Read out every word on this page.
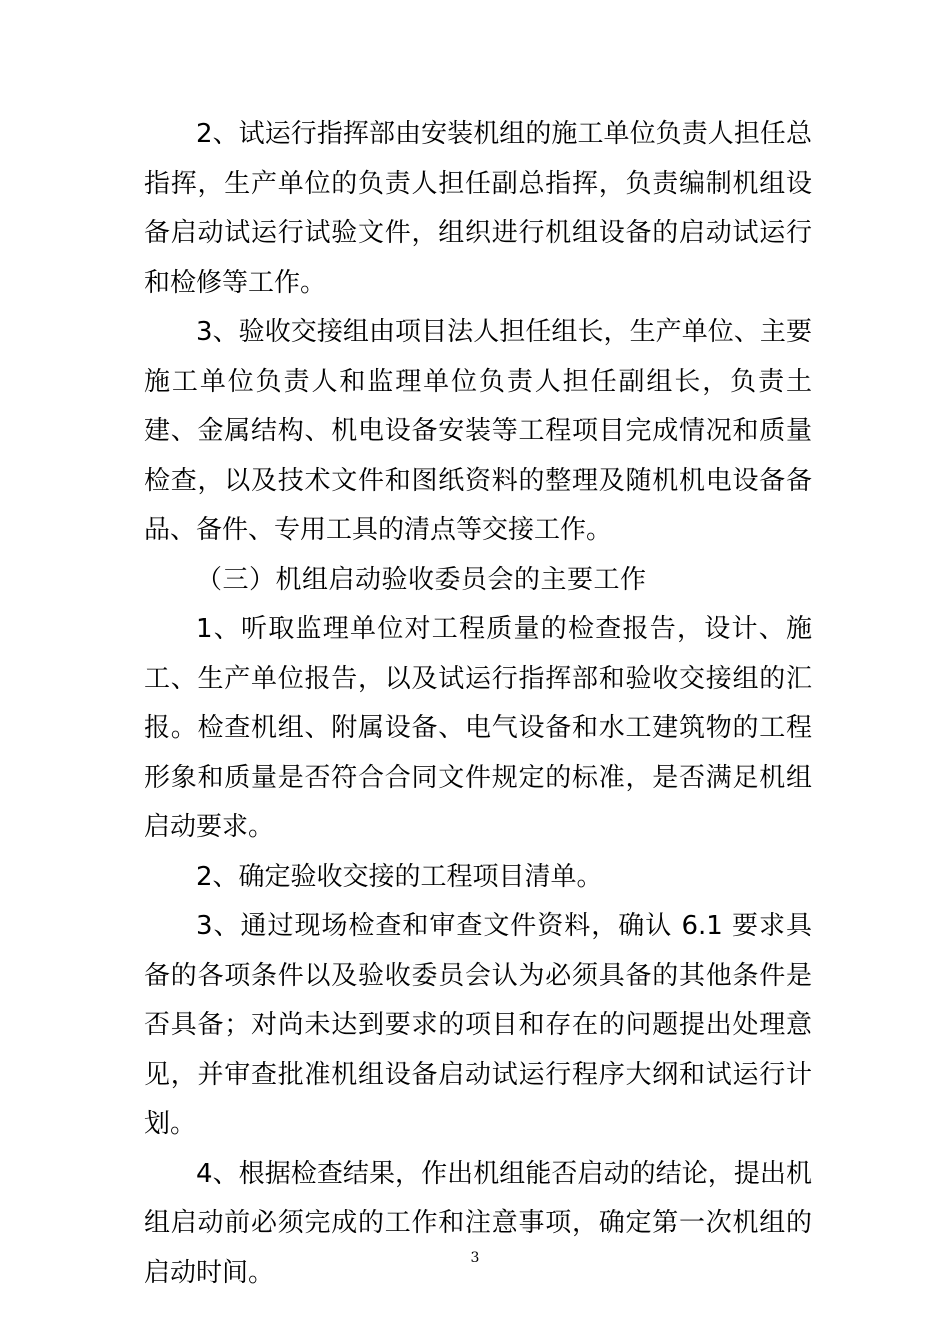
2、试运行指挥部由安装机组的施工单位负责人担任总指挥，生产单位的负责人担任副总指挥，负责编制机组设备启动试运行试验文件，组织进行机组设备的启动试运行和检修等工作。

3、验收交接组由项目法人担任组长，生产单位、主要施工单位负责人和监理单位负责人担任副组长，负责土建、金属结构、机电设备安装等工程项目完成情况和质量检查，以及技术文件和图纸资料的整理及随机机电设备备品、备件、专用工具的清点等交接工作。

（三）机组启动验收委员会的主要工作

1、听取监理单位对工程质量的检查报告，设计、施工、生产单位报告，以及试运行指挥部和验收交接组的汇报。检查机组、附属设备、电气设备和水工建筑物的工程形象和质量是否符合合同文件规定的标准，是否满足机组启动要求。

2、确定验收交接的工程项目清单。

3、通过现场检查和审查文件资料，确认 6.1 要求具备的各项条件以及验收委员会认为必须具备的其他条件是否具备；对尚未达到要求的项目和存在的问题提出处理意见，并审查批准机组设备启动试运行程序大纲和试运行计划。

4、根据检查结果，作出机组能否启动的结论，提出机组启动前必须完成的工作和注意事项，确定第一次机组的启动时间。	3
